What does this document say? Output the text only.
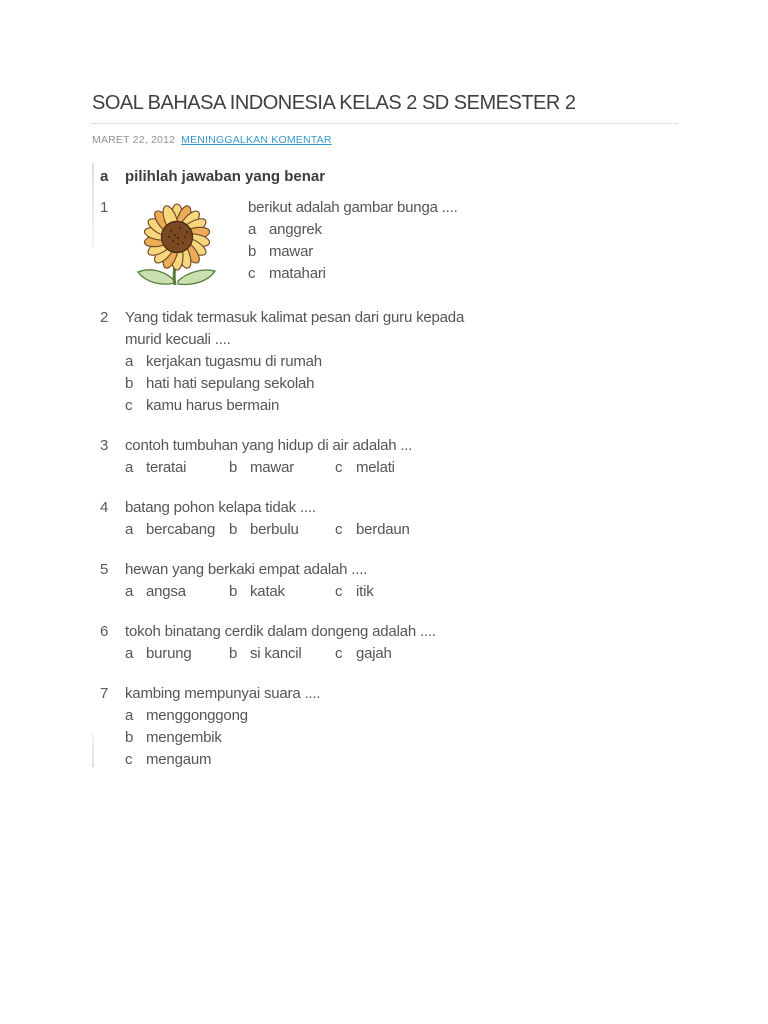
SOAL BAHASA INDONESIA KELAS 2 SD SEMESTER 2
MARET 22, 2012 MENINGGALKAN KOMENTAR
a	pilihlah jawaban yang benar
1	berikut adalah gambar bunga ....
a anggrek
b mawar
c matahari
2	Yang tidak termasuk kalimat pesan dari guru kepada
murid kecuali ....
a kerjakan tugasmu di rumah
b hati hati sepulang sekolah
c kamu harus bermain
3	contoh tumbuhan yang hidup di air adalah ...
a teratai	b mawar	c melati
4	batang pohon kelapa tidak ....
a bercabang b berbulu c berdaun
5	hewan yang berkaki empat adalah ....
a angsa	b katak	c itik
6	tokoh binatang cerdik dalam dongeng adalah ....
a burung b si kancil c gajah
7	kambing mempunyai suara ....
a menggonggong
b mengembik
c mengaum
